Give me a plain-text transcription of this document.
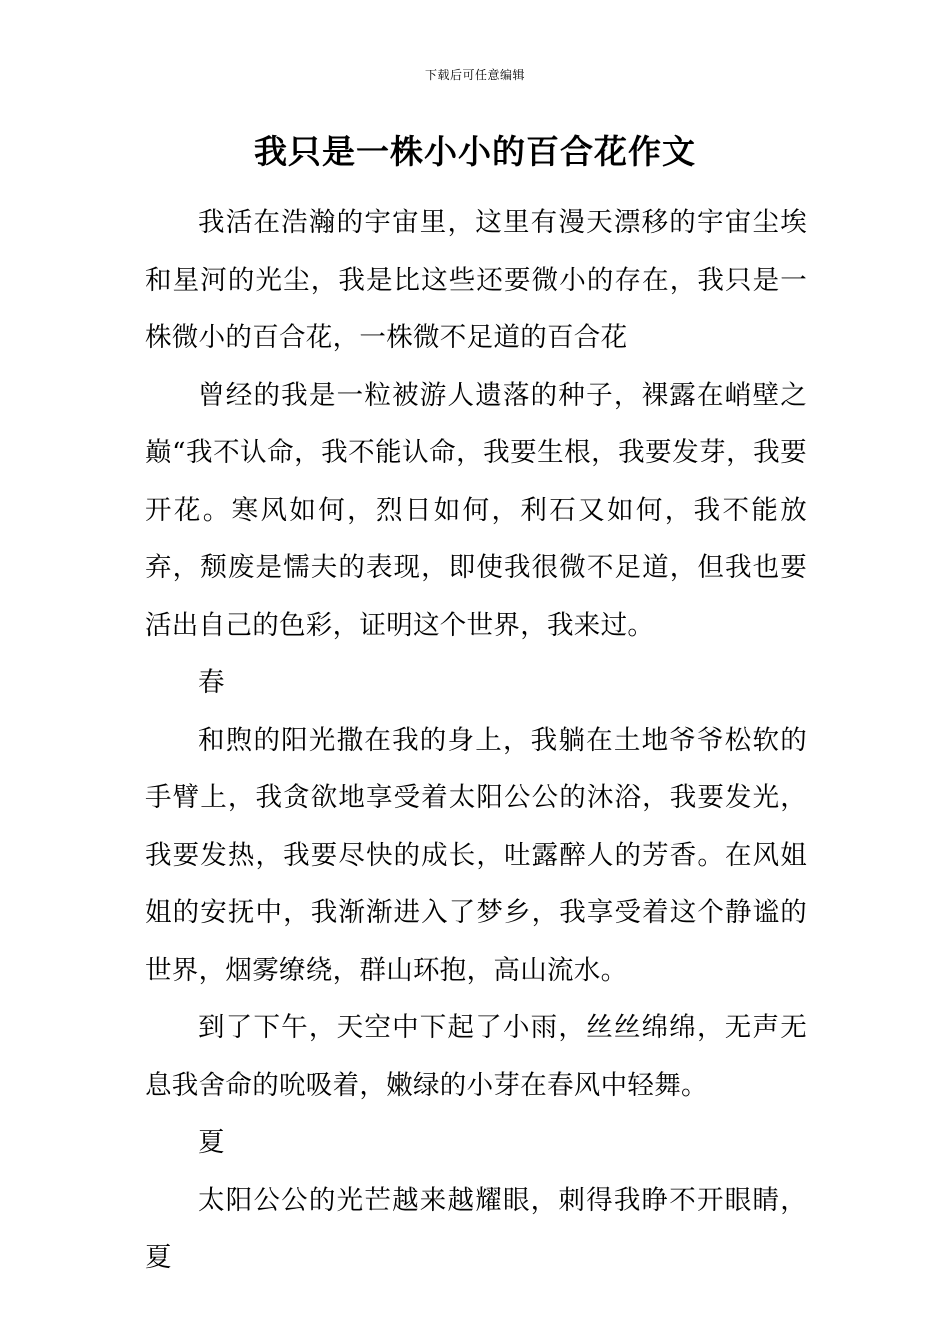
下载后可任意编辑
我只是一株小小的百合花作文

我活在浩瀚的宇宙里，这里有漫天漂移的宇宙尘埃和星河的光尘，我是比这些还要微小的存在，我只是一株微小的百合花，一株微不足道的百合花

曾经的我是一粒被游人遗落的种子，裸露在峭壁之巅“我不认命，我不能认命，我要生根，我要发芽，我要开花。寒风如何，烈日如何，利石又如何，我不能放弃，颓废是懦夫的表现，即使我很微不足道，但我也要活出自己的色彩，证明这个世界，我来过。

春

和煦的阳光撒在我的身上，我躺在土地爷爷松软的手臂上，我贪欲地享受着太阳公公的沐浴，我要发光，我要发热，我要尽快的成长，吐露醉人的芳香。在风姐姐的安抚中，我渐渐进入了梦乡，我享受着这个静谧的世界，烟雾缭绕，群山环抱，高山流水。

到了下午，天空中下起了小雨，丝丝绵绵，无声无息我舍命的吮吸着，嫩绿的小芽在春风中轻舞。

夏

太阳公公的光芒越来越耀眼，刺得我睁不开眼睛，夏
